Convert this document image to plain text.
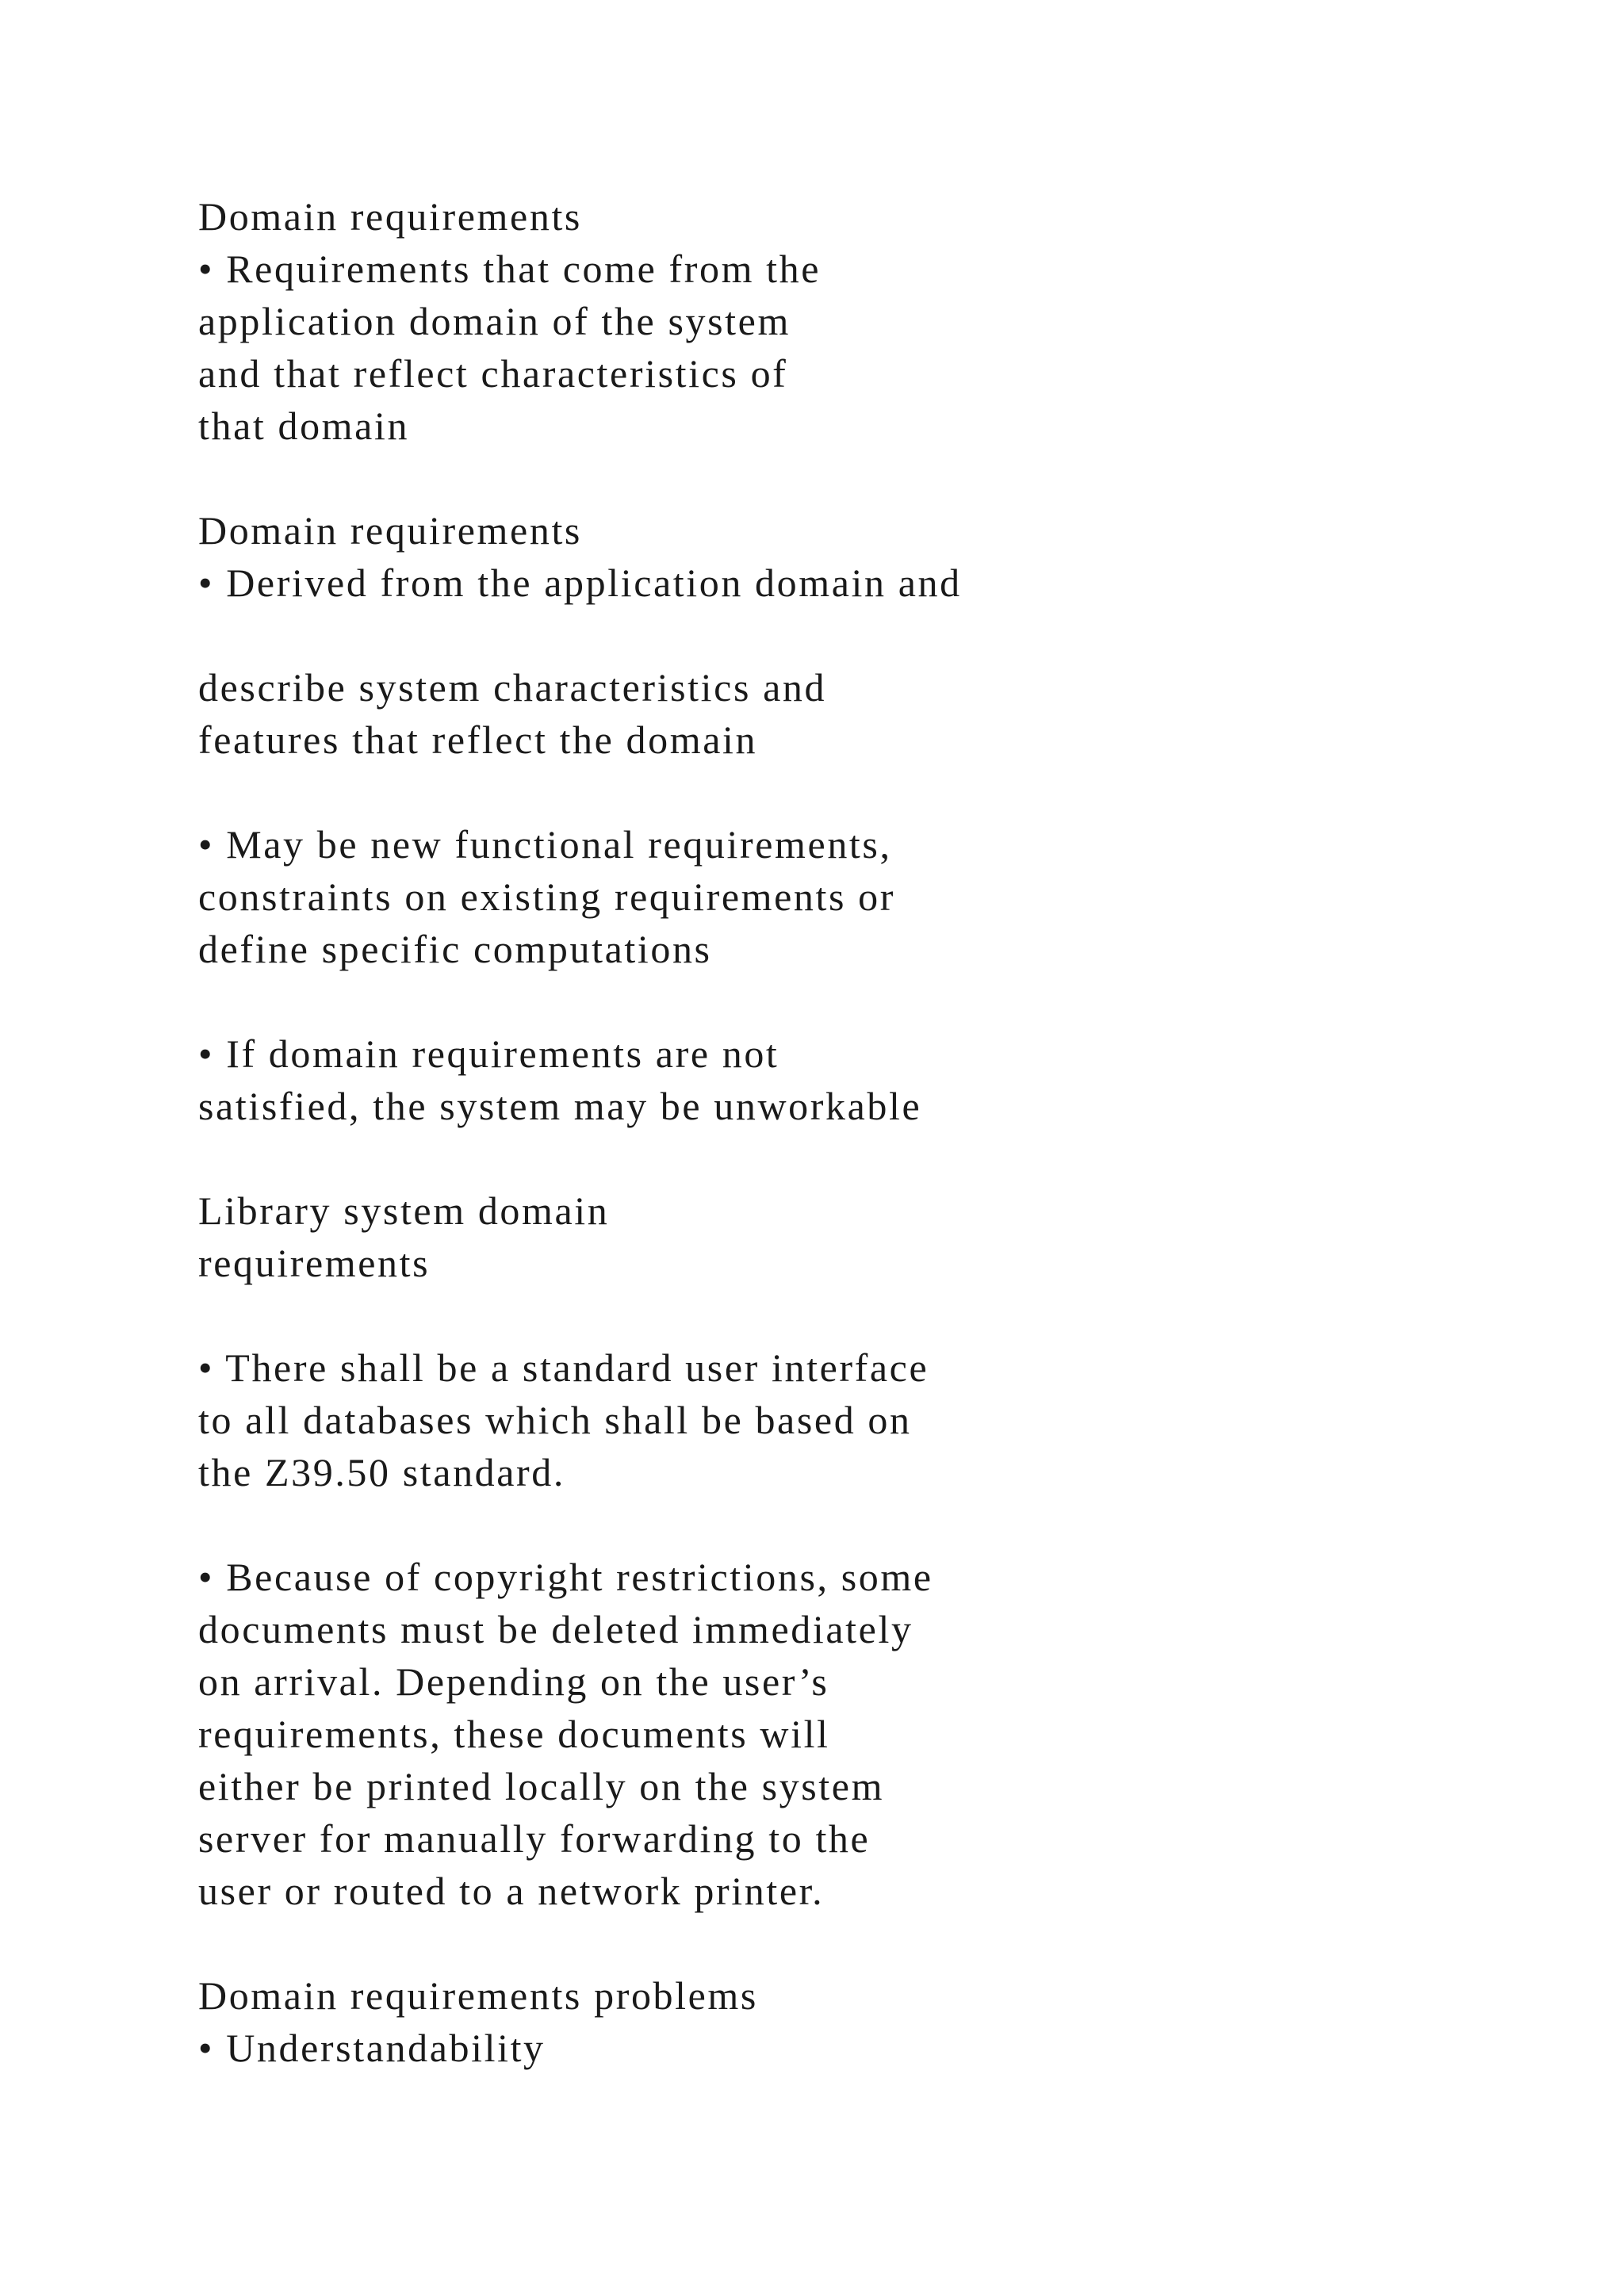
Domain requirements
• Requirements that come from the
application domain of the system
and that reflect characteristics of
that domain
Domain requirements
• Derived from the application domain and
describe system characteristics and
features that reflect the domain
• May be new functional requirements,
constraints on existing requirements or
define specific computations
• If domain requirements are not
satisfied, the system may be unworkable
Library system domain
requirements
• There shall be a standard user interface
to all databases which shall be based on
the Z39.50 standard.
• Because of copyright restrictions, some
documents must be deleted immediately
on arrival. Depending on the user’s
requirements, these documents will
either be printed locally on the system
server for manually forwarding to the
user or routed to a network printer.
Domain requirements problems
• Understandability
